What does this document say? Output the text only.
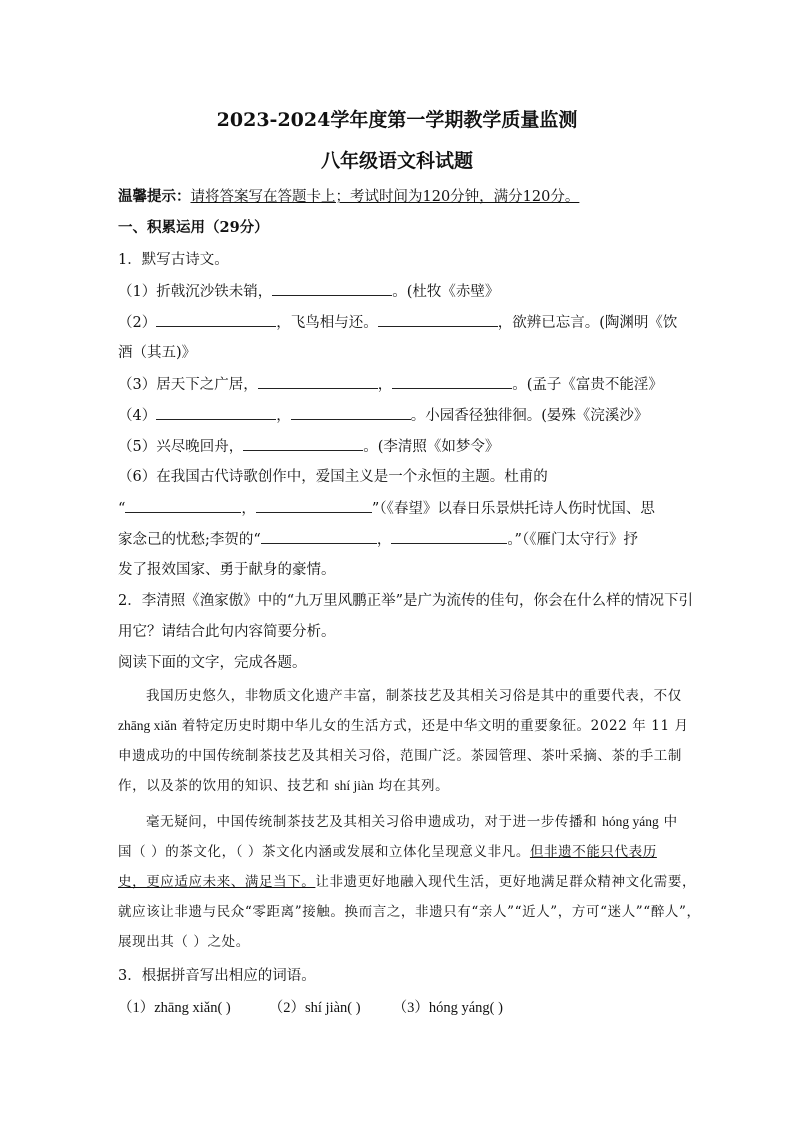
2023-2024学年度第一学期教学质量监测
八年级语文科试题
温馨提示：请将答案写在答题卡上；考试时间为120分钟，满分120分。
一、积累运用（29分）
1．默写古诗文。
（1）折戟沉沙铁未销，	。(杜牧《赤壁》
（2）	，飞鸟相与还。	，欲辨已忘言。(陶渊明《饮
酒（其五)》
（3）居天下之广居，	，	。(孟子《富贵不能淫》
（4）	，	。小园香径独徘徊。(晏殊《浣溪沙》
（5）兴尽晚回舟，	。(李清照《如梦令》
（6）在我国古代诗歌创作中，爱国主义是一个永恒的主题。杜甫的
“	，	”（《春望》以春日乐景烘托诗人伤时忧国、思
家念己的忧愁;李贺的“	，	。”（《雁门太守行》抒
发了报效国家、勇于献身的豪情。
2．李清照《渔家傲》中的“九万里风鹏正举”是广为流传的佳句，你会在什么样的情况下引
用它？请结合此句内容简要分析。
阅读下面的文字，完成各题。
我国历史悠久，非物质文化遗产丰富，制茶技艺及其相关习俗是其中的重要代表，不仅
zhāng xiǎn 着特定历史时期中华儿女的生活方式，还是中华文明的重要象征。2022 年 11 月
申遗成功的中国传统制茶技艺及其相关习俗，范围广泛。茶园管理、茶叶采摘、茶的手工制
作，以及茶的饮用的知识、技艺和 shí jiàn 均在其列。
毫无疑问，中国传统制茶技艺及其相关习俗申遗成功，对于进一步传播和 hóng yáng 中
国（ ）的茶文化，（ ）茶文化内涵或发展和立体化呈现意义非凡。但非遗不能只代表历
史，更应适应未来、满足当下。让非遗更好地融入现代生活，更好地满足群众精神文化需要，
就应该让非遗与民众“零距离”接触。换而言之，非遗只有“亲人”“近人”，方可“迷人”“醉人”，
展现出其（ ）之处。
3．根据拼音写出相应的词语。
（1）zhāng xiǎn( )	（2）shí jiàn( ) （3）hóng yáng( )
